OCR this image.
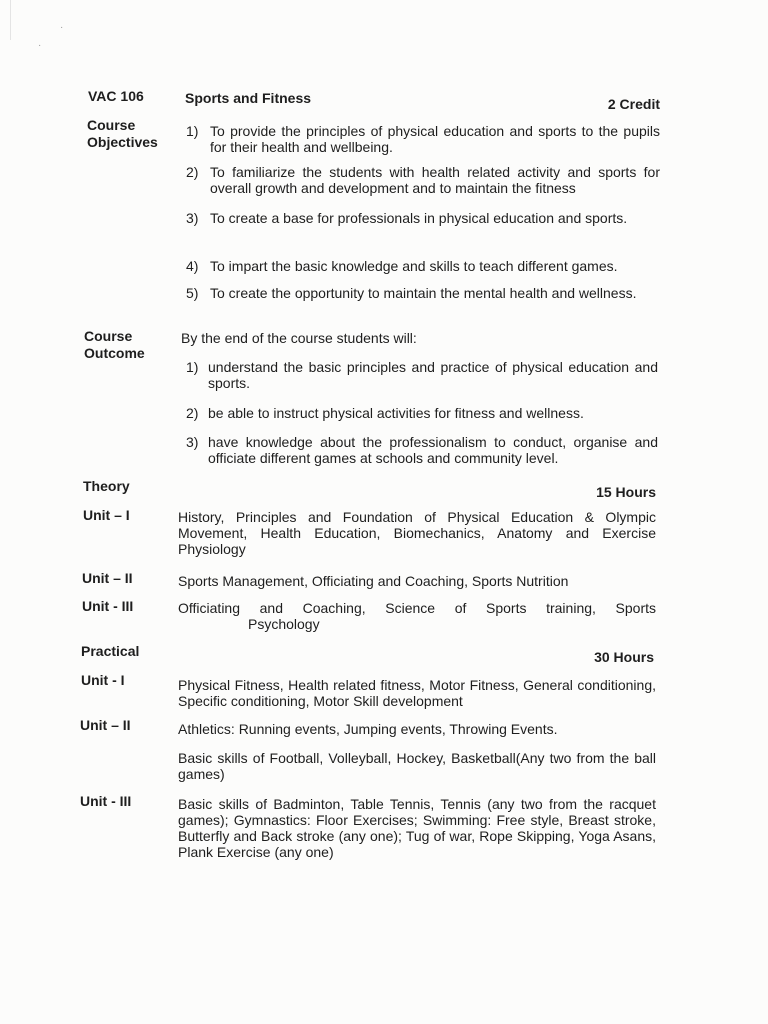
·
·
VAC 106	Sports and Fitness	2 Credit
Course
Objectives
1) To provide the principles of physical education and sports to the pupils for their health and wellbeing.
2) To familiarize the students with health related activity and sports for overall growth and development and to maintain the fitness
3) To create a base for professionals in physical education and sports.
4) To impart the basic knowledge and skills to teach different games.
5) To create the opportunity to maintain the mental health and wellness.
Course
Outcome
By the end of the course students will:
1) understand the basic principles and practice of physical education and sports.
2) be able to instruct physical activities for fitness and wellness.
3) have knowledge about the professionalism to conduct, organise and officiate different games at schools and community level.
Theory	15 Hours
Unit – I	History, Principles and Foundation of Physical Education & Olympic Movement, Health Education, Biomechanics, Anatomy and Exercise Physiology
Unit – II	Sports Management, Officiating and Coaching, Sports Nutrition
Unit - III	Officiating and Coaching, Science of Sports training, Sports
Psychology
Practical	30 Hours
Unit - I	Physical Fitness, Health related fitness, Motor Fitness, General conditioning, Specific conditioning, Motor Skill development
Unit – II	Athletics: Running events, Jumping events, Throwing Events.
Basic skills of Football, Volleyball, Hockey, Basketball(Any two from the ball games)
Unit - III	Basic skills of Badminton, Table Tennis, Tennis (any two from the racquet games); Gymnastics: Floor Exercises; Swimming: Free style, Breast stroke, Butterfly and Back stroke (any one); Tug of war, Rope Skipping, Yoga Asans, Plank Exercise (any one)
